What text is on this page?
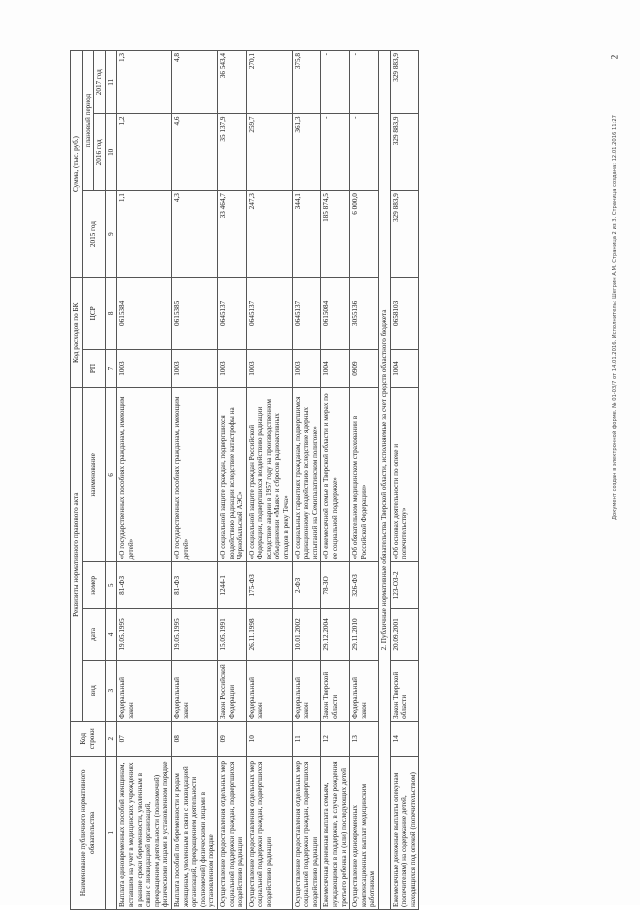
2
Наименование публичного нормативного обязательства	Код строки	Реквизиты нормативного правового акта				Код расходов по БК		Сумма, (тыс. руб.)		
		вид	дата	номер	наименование	РП	ЦСР	2015 год	плановый период	
									2016 год	2017 год
1	2	3	4	5	6	7	8	9	10	11
Выплата единовременных пособий женщинам, вставшим на учет в медицинских учреждениях в ранние сроки беременности, уволенным в связи с ликвидацией организаций, прекращением деятельности (полномочий) физическими лицами в установленном порядке	07	Федеральный закон	19.05.1995	81-ФЗ	«О государственных пособиях гражданам, имеющим детей»	1003	0615384	1,1	1,2	1,3
Выплата пособий по беременности и родам женщинам, уволенным в связи с ликвидацией организаций, прекращением деятельности (полномочий) физическими лицами в установленном порядке	08	Федеральный закон	19.05.1995	81-ФЗ	«О государственных пособиях гражданам, имеющим детей»	1003	0615385	4,3	4,6	4,8
Осуществление предоставления отдельных мер социальной поддержки граждан, подвергшихся воздействию радиации	09	Закон Российской Федерации	15.05.1991	1244-1	«О социальной защите граждан, подвергшихся воздействию радиации вследствие катастрофы на Чернобыльской АЭС»	1003	0645137	33 464,7	35 137,9	36 543,4
Осуществление предоставления отдельных мер социальной поддержки граждан, подвергшихся воздействию радиации	10	Федеральный закон	26.11.1998	175-ФЗ	«О социальной защите граждан Российской Федерации, подвергшихся воздействию радиации вследствие аварии в 1957 году на производственном объединении «Маяк» и сбросов радиоактивных отходов в реку Теча»	1003	0645137	247,3	259,7	270,1
Осуществление предоставления отдельных мер социальной поддержки граждан, подвергшихся воздействию радиации	11	Федеральный закон	10.01.2002	2-ФЗ	«О социальных гарантиях гражданам, подвергшимся радиационному воздействию вследствие ядерных испытаний на Семипалатинском полигоне»	1003	0645137	344,1	361,3	375,8
Ежемесячная денежная выплата семьям, нуждающимся в поддержке, в случае рождения третьего ребенка и (или) последующих детей	12	Закон Тверской области	29.12.2004	78-ЗО	«О ежемесячной семье в Тверской области и мерах по ее социальной поддержке»	1004	0615084	185 874,5	-	-
Осуществление единовременных компенсационных выплат медицинским работникам	13	Федеральный закон	29.11.2010	326-ФЗ	«Об обязательном медицинском страховании в Российской Федерации»	0909	3055136	6 000,0	-	-
2. Публичные нормативные обязательства Тверской области, исполняемые за счет средств областного бюджета										
Ежемесячные денежные выплаты опекунам (попечителям) на содержание детей, находящихся под опекой (попечительством)	14	Закон Тверской области	20.09.2001	123-ОЗ-2	«Об основах деятельности по опеке и попечительству»	1004	0658103	329 883,9	329 883,9	329 883,9
Документ создан в электронной форме. № 01-03/7 от 14.01.2016. Исполнитель: Шегрин А.М. Страница 2 из 3. Страница создана: 12.01.2016 11:27
